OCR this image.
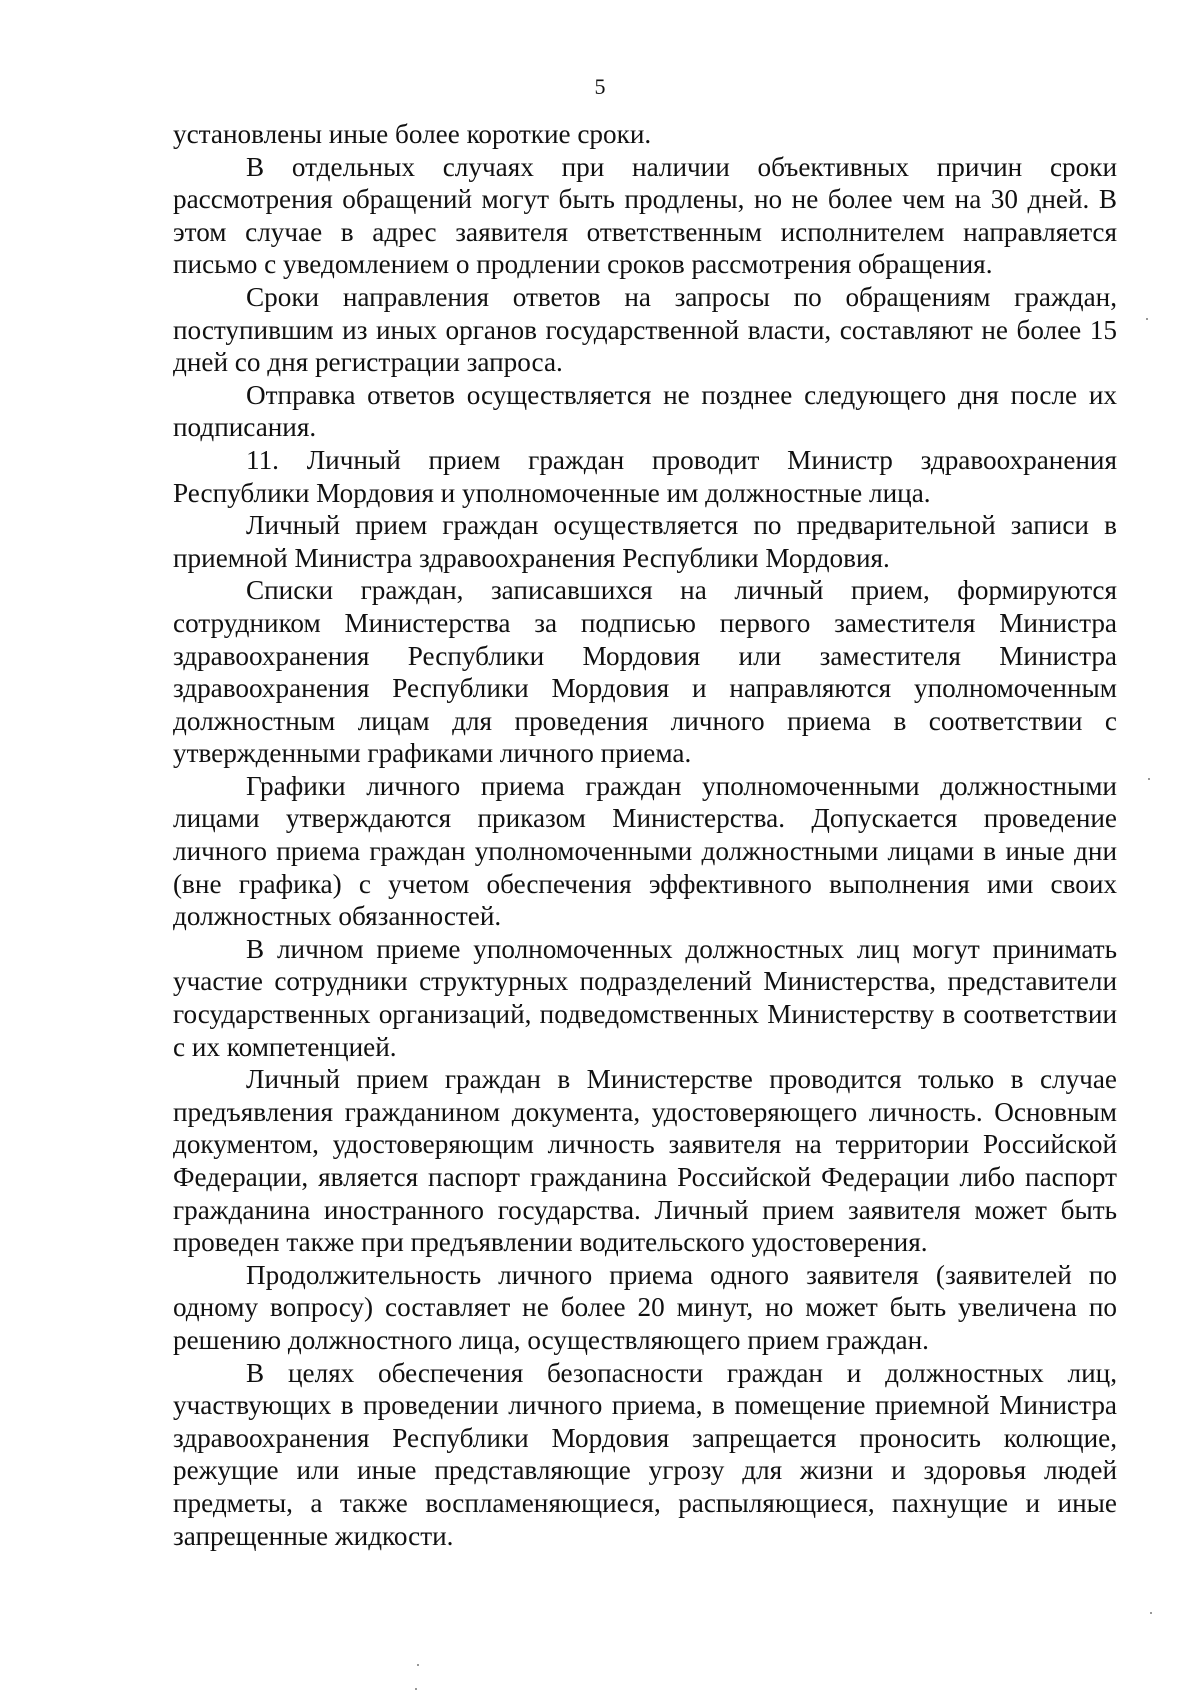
5

установлены иные более короткие сроки.

В отдельных случаях при наличии объективных причин сроки рассмотрения обращений могут быть продлены, но не более чем на 30 дней. В этом случае в адрес заявителя ответственным исполнителем направляется письмо с уведомлением о продлении сроков рассмотрения обращения.

Сроки направления ответов на запросы по обращениям граждан, поступившим из иных органов государственной власти, составляют не более 15 дней со дня регистрации запроса.

Отправка ответов осуществляется не позднее следующего дня после их подписания.

11. Личный прием граждан проводит Министр здравоохранения Республики Мордовия и уполномоченные им должностные лица.

Личный прием граждан осуществляется по предварительной записи в приемной Министра здравоохранения Республики Мордовия.

Списки граждан, записавшихся на личный прием, формируются сотрудником Министерства за подписью первого заместителя Министра здравоохранения Республики Мордовия или заместителя Министра здравоохранения Республики Мордовия и направляются уполномоченным должностным лицам для проведения личного приема в соответствии с утвержденными графиками личного приема.

Графики личного приема граждан уполномоченными должностными лицами утверждаются приказом Министерства. Допускается проведение личного приема граждан уполномоченными должностными лицами в иные дни (вне графика) с учетом обеспечения эффективного выполнения ими своих должностных обязанностей.

В личном приеме уполномоченных должностных лиц могут принимать участие сотрудники структурных подразделений Министерства, представители государственных организаций, подведомственных Министерству в соответствии с их компетенцией.

Личный прием граждан в Министерстве проводится только в случае предъявления гражданином документа, удостоверяющего личность. Основным документом, удостоверяющим личность заявителя на территории Российской Федерации, является паспорт гражданина Российской Федерации либо паспорт гражданина иностранного государства. Личный прием заявителя может быть проведен также при предъявлении водительского удостоверения.

Продолжительность личного приема одного заявителя (заявителей по одному вопросу) составляет не более 20 минут, но может быть увеличена по решению должностного лица, осуществляющего прием граждан.

В целях обеспечения безопасности граждан и должностных лиц, участвующих в проведении личного приема, в помещение приемной Министра здравоохранения Республики Мордовия запрещается проносить колющие, режущие или иные представляющие угрозу для жизни и здоровья людей предметы, а также воспламеняющиеся, распыляющиеся, пахнущие и иные запрещенные жидкости.
